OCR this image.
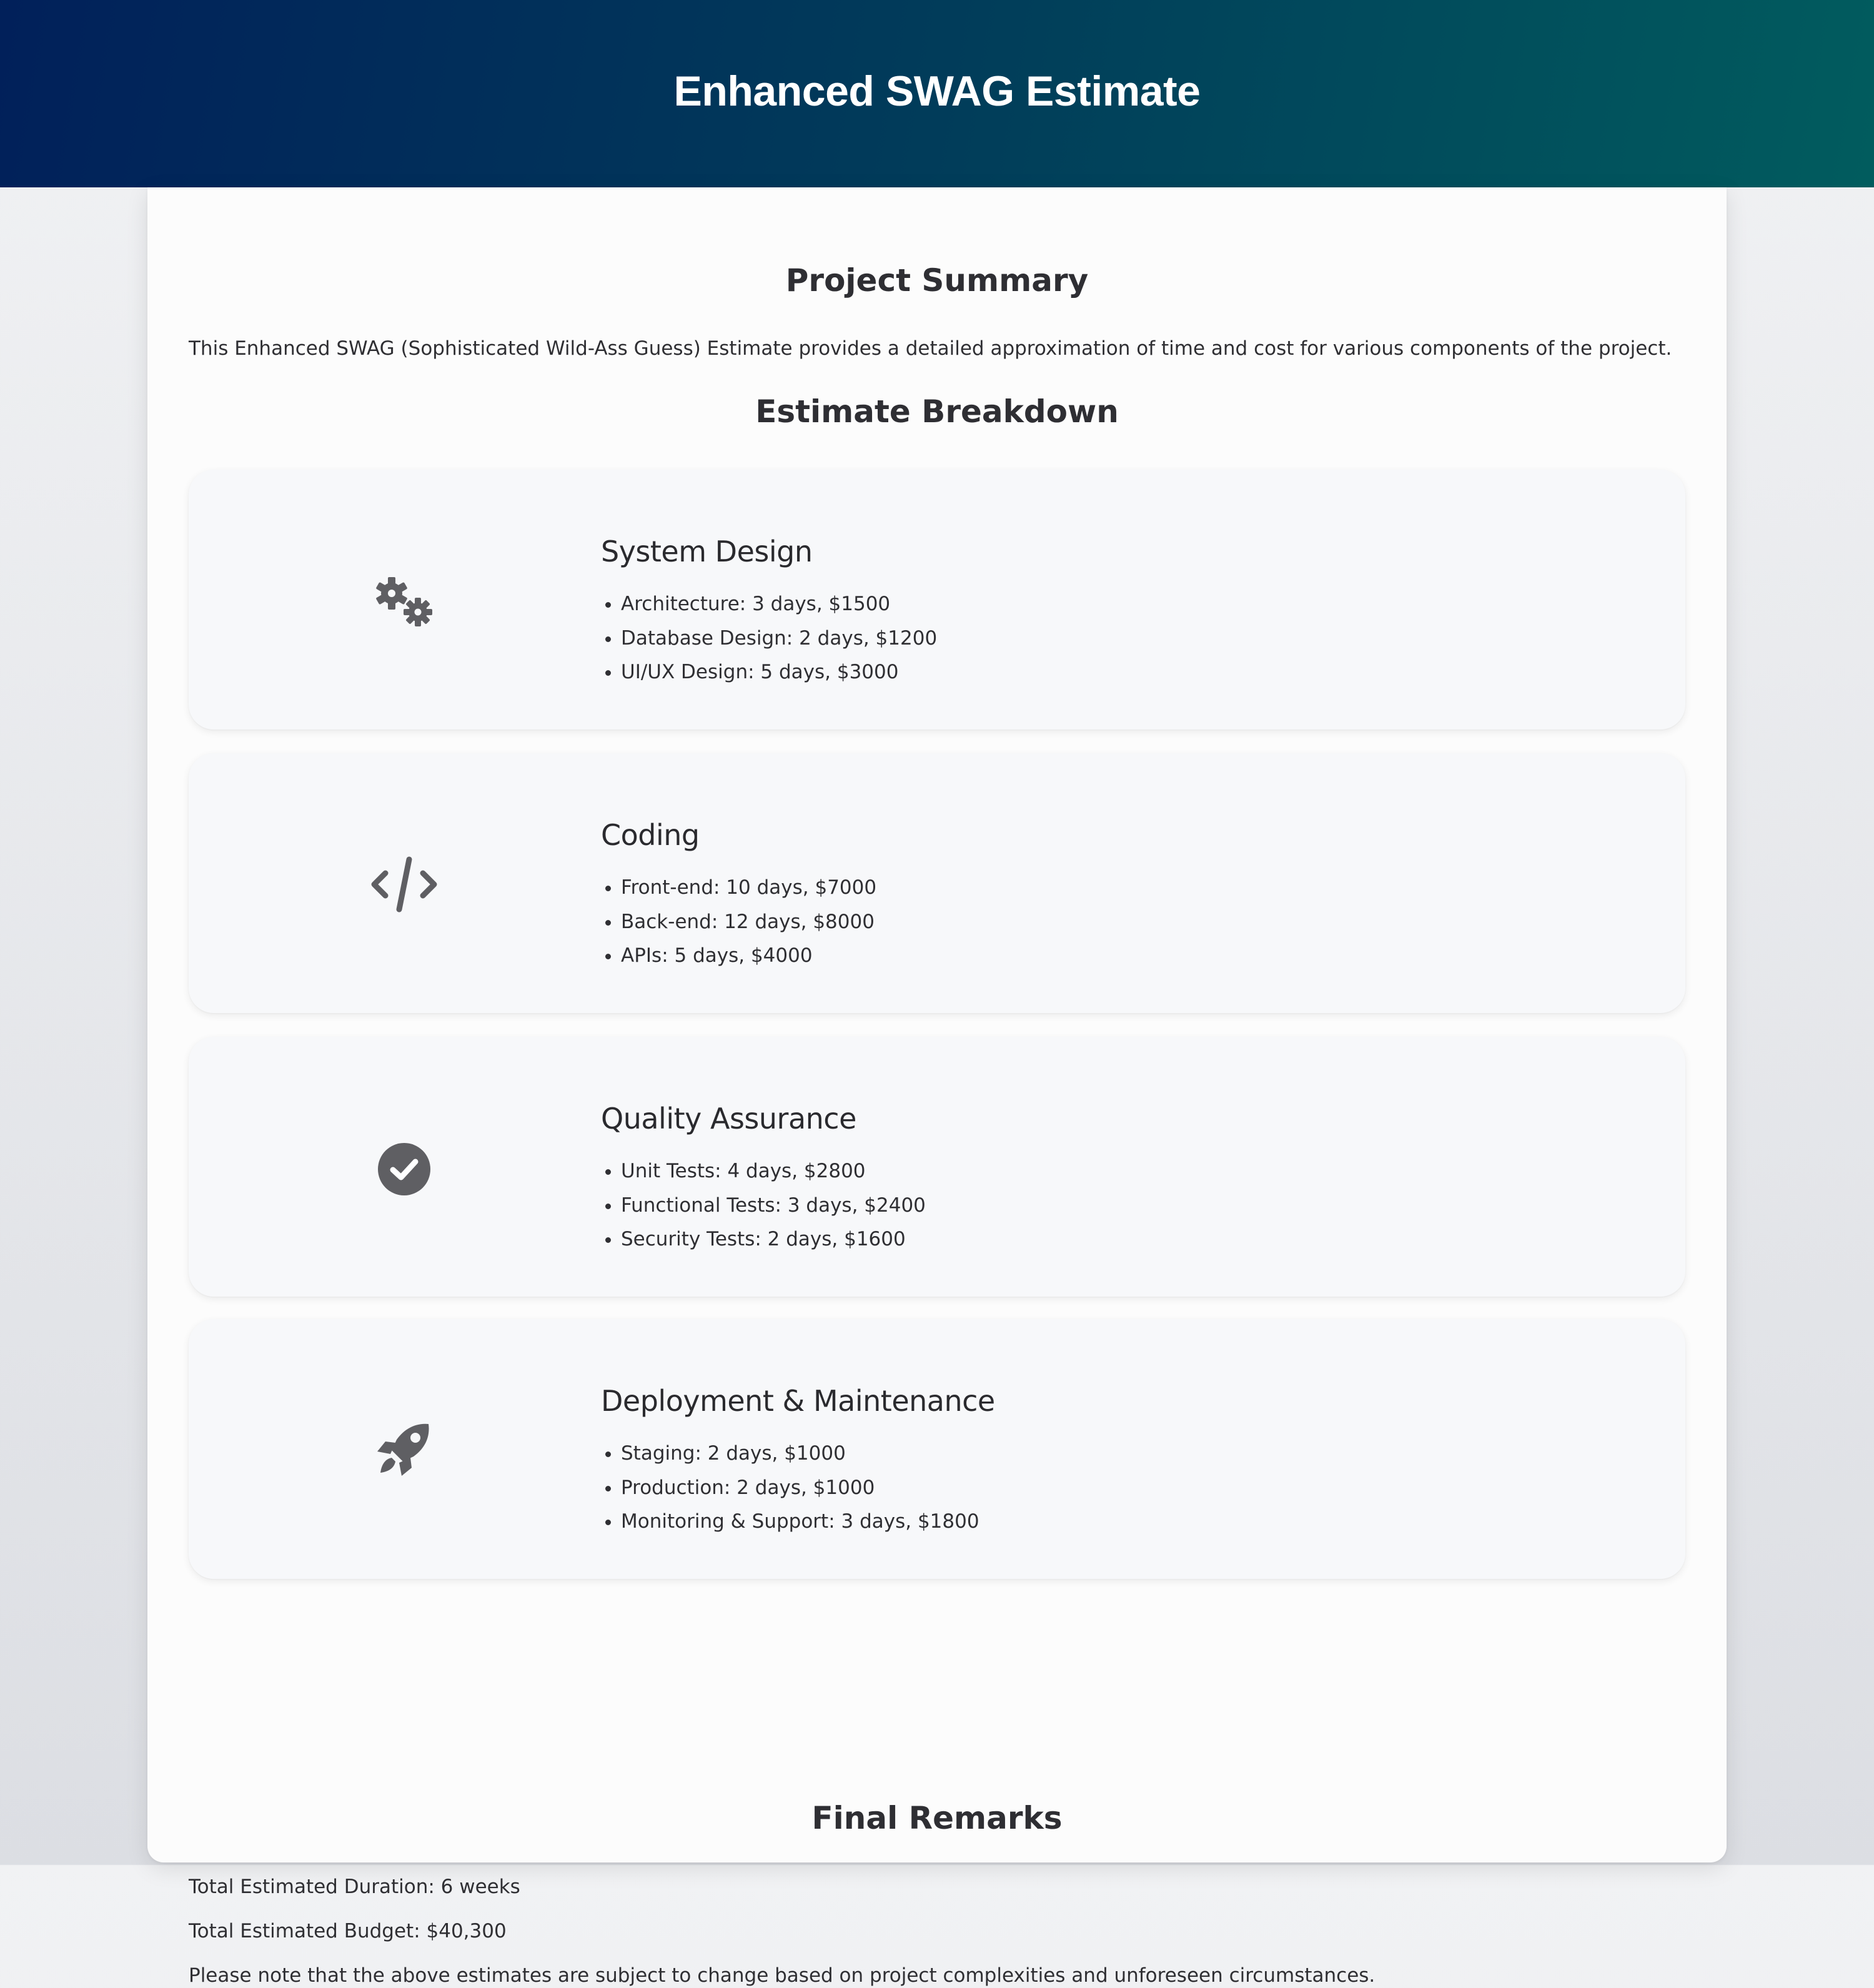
Enhanced SWAG Estimate
Project Summary

This Enhanced SWAG (Sophisticated Wild-Ass Guess) Estimate provides a detailed approximation of time and cost for various components of the project.

Estimate Breakdown
System Design
• Architecture: 3 days, $1500
• Database Design: 2 days, $1200
• UI/UX Design: 5 days, $3000
Coding
• Front-end: 10 days, $7000
• Back-end: 12 days, $8000
• APIs: 5 days, $4000
Quality Assurance
• Unit Tests: 4 days, $2800
• Functional Tests: 3 days, $2400
• Security Tests: 2 days, $1600
Deployment & Maintenance
• Staging: 2 days, $1000
• Production: 2 days, $1000
• Monitoring & Support: 3 days, $1800
Final Remarks

Total Estimated Duration: 6 weeks

Total Estimated Budget: $40,300

Please note that the above estimates are subject to change based on project complexities and unforeseen circumstances.
